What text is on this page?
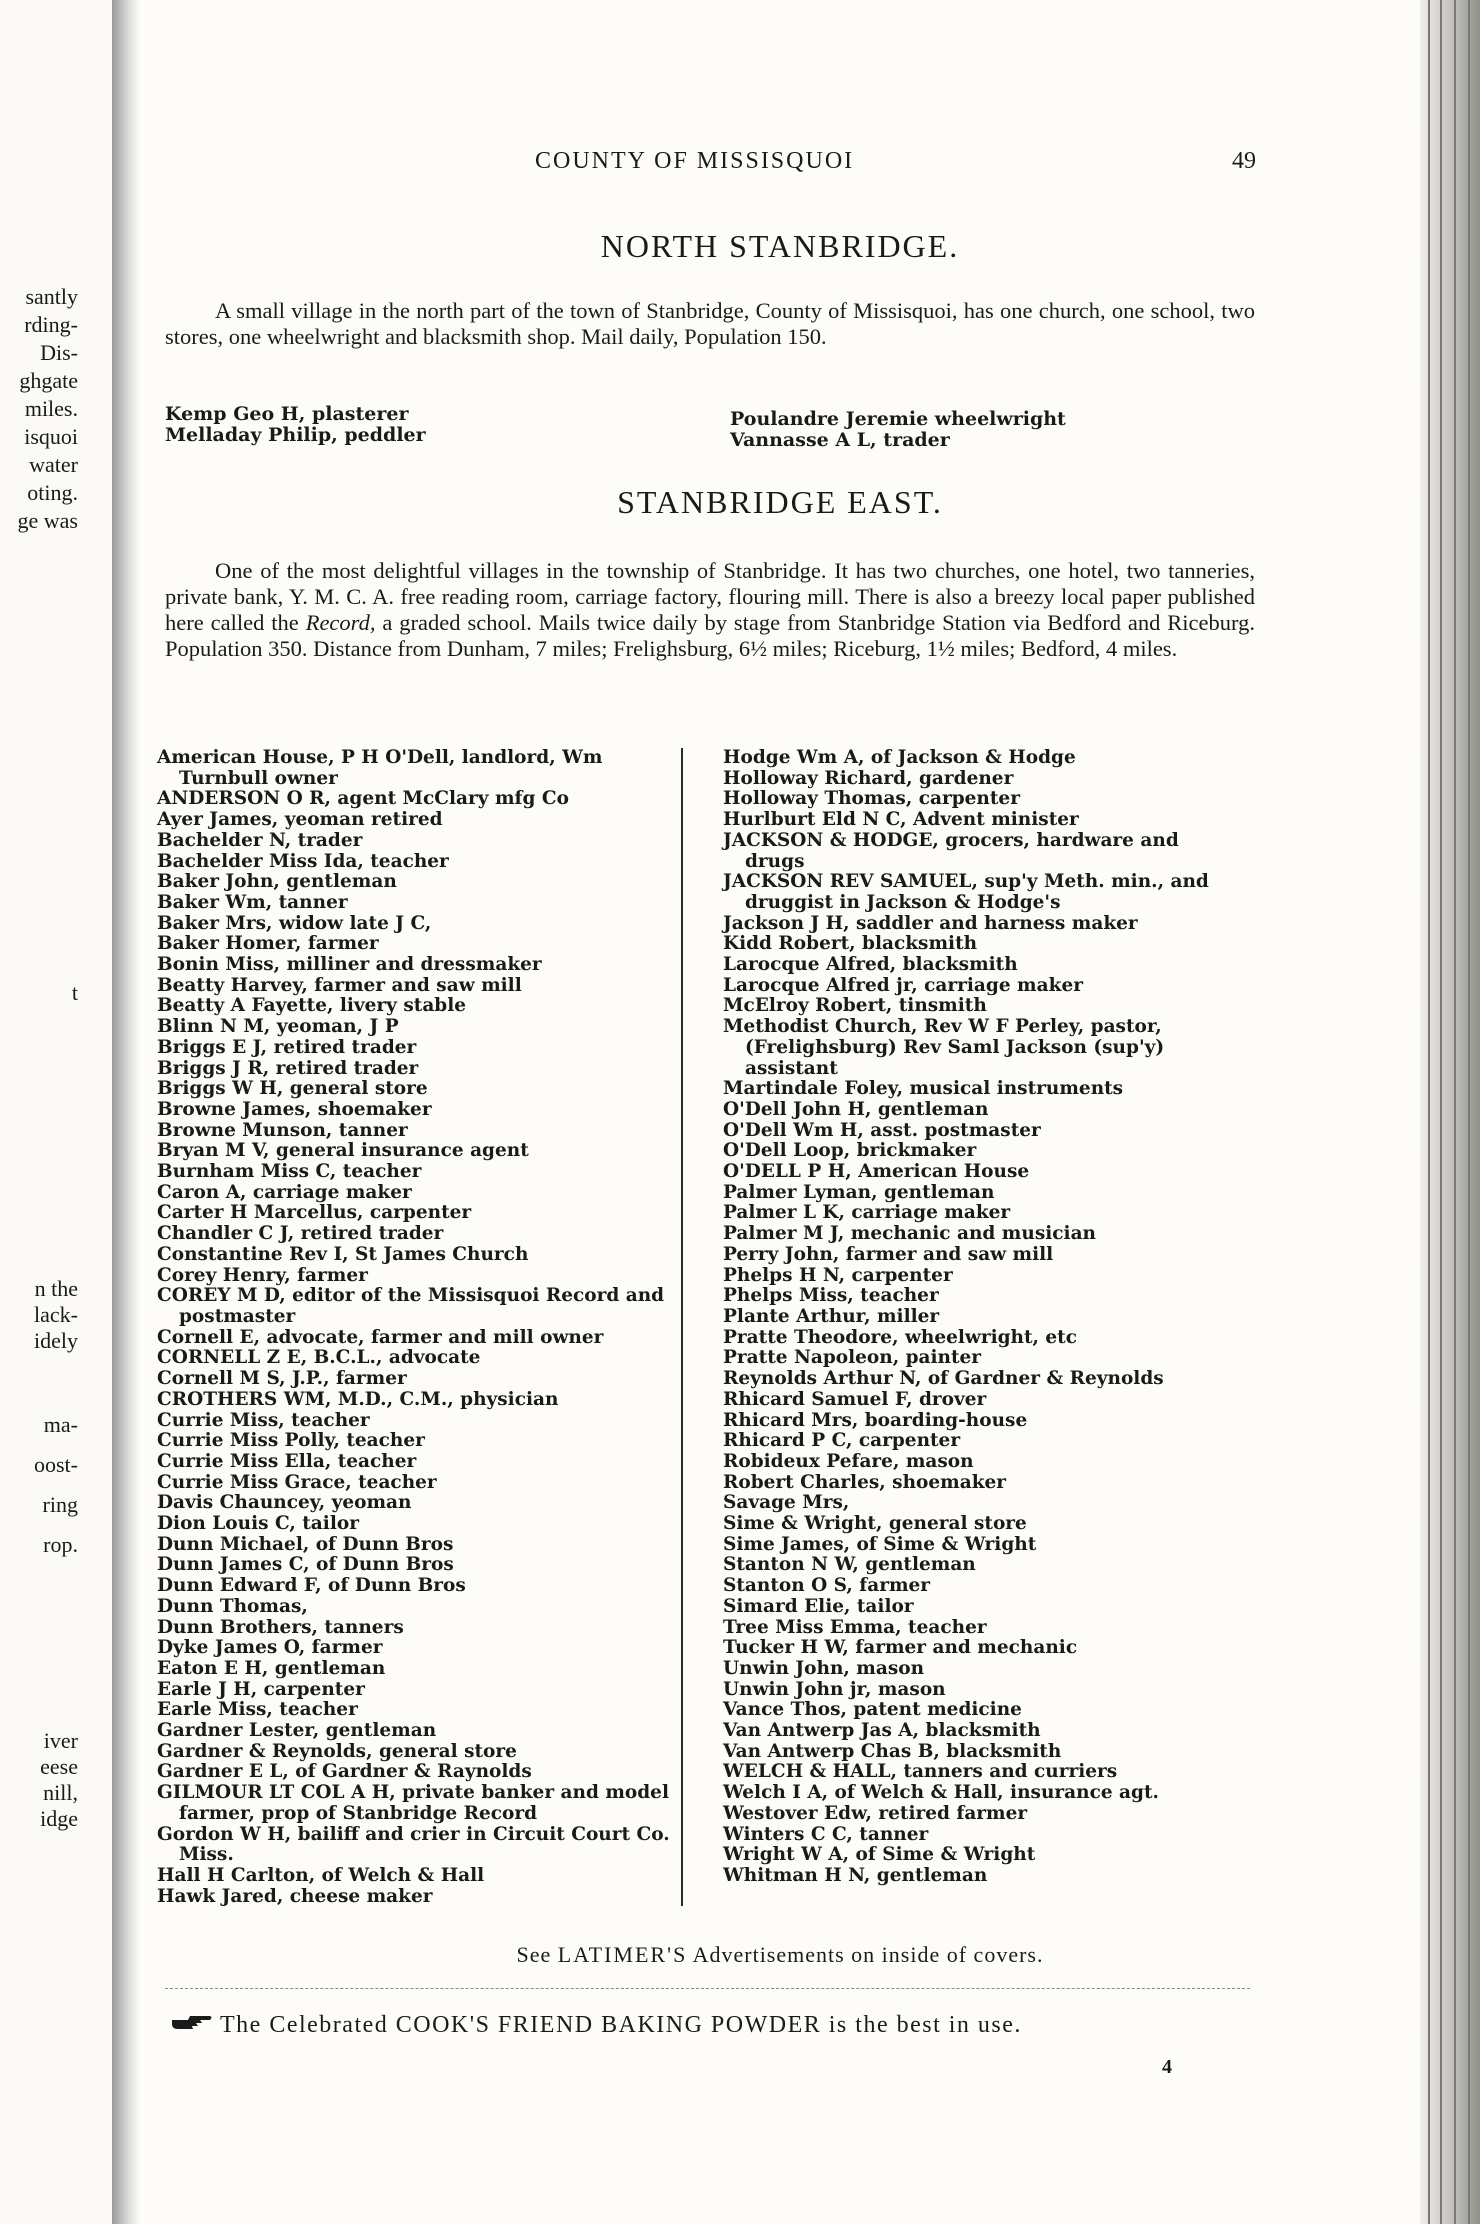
santly
rding-
Dis-
ghgate
miles.
isquoi
water
oting.
ge was
t
n the
lack-
idely
ma-
oost-
ring
rop.
iver
eese
nill,
idge
COUNTY OF MISSISQUOI	49
NORTH STANBRIDGE.

A small village in the north part of the town of Stanbridge, County of Missisquoi, has one church, one school, two stores, one wheelwright and blacksmith shop. Mail daily, Population 150.

Kemp Geo H, plasterer
Melladay Philip, peddler
Poulandre Jeremie wheelwright
Vannasse A L, trader
STANBRIDGE EAST.

One of the most delightful villages in the township of Stanbridge. It has two churches, one hotel, two tanneries, private bank, Y. M. C. A. free reading room, carriage factory, flouring mill. There is also a breezy local paper published here called the Record, a graded school. Mails twice daily by stage from Stanbridge Station via Bedford and Riceburg. Population 350. Distance from Dunham, 7 miles; Frelighsburg, 6½ miles; Riceburg, 1½ miles; Bedford, 4 miles.

American House, P H O'Dell, landlord, Wm Turnbull owner
ANDERSON O R, agent McClary mfg Co
Ayer James, yeoman retired
Bachelder N, trader
Bachelder Miss Ida, teacher
Baker John, gentleman
Baker Wm, tanner
Baker Mrs, widow late J C,
Baker Homer, farmer
Bonin Miss, milliner and dressmaker
Beatty Harvey, farmer and saw mill
Beatty A Fayette, livery stable
Blinn N M, yeoman, J P
Briggs E J, retired trader
Briggs J R, retired trader
Briggs W H, general store
Browne James, shoemaker
Browne Munson, tanner
Bryan M V, general insurance agent
Burnham Miss C, teacher
Caron A, carriage maker
Carter H Marcellus, carpenter
Chandler C J, retired trader
Constantine Rev I, St James Church
Corey Henry, farmer
COREY M D, editor of the Missisquoi Record and postmaster
Cornell E, advocate, farmer and mill owner
CORNELL Z E, B.C.L., advocate
Cornell M S, J.P., farmer
CROTHERS WM, M.D., C.M., physician
Currie Miss, teacher
Currie Miss Polly, teacher
Currie Miss Ella, teacher
Currie Miss Grace, teacher
Davis Chauncey, yeoman
Dion Louis C, tailor
Dunn Michael, of Dunn Bros
Dunn James C, of Dunn Bros
Dunn Edward F, of Dunn Bros
Dunn Thomas,
Dunn Brothers, tanners
Dyke James O, farmer
Eaton E H, gentleman
Earle J H, carpenter
Earle Miss, teacher
Gardner Lester, gentleman
Gardner & Reynolds, general store
Gardner E L, of Gardner & Raynolds
GILMOUR LT COL A H, private banker and model farmer, prop of Stanbridge Record
Gordon W H, bailiff and crier in Circuit Court Co. Miss.
Hall H Carlton, of Welch & Hall
Hawk Jared, cheese maker
Hodge Wm A, of Jackson & Hodge
Holloway Richard, gardener
Holloway Thomas, carpenter
Hurlburt Eld N C, Advent minister
JACKSON & HODGE, grocers, hardware and drugs
JACKSON REV SAMUEL, sup'y Meth. min., and druggist in Jackson & Hodge's
Jackson J H, saddler and harness maker
Kidd Robert, blacksmith
Larocque Alfred, blacksmith
Larocque Alfred jr, carriage maker
McElroy Robert, tinsmith
Methodist Church, Rev W F Perley, pastor, (Frelighsburg) Rev Saml Jackson (sup'y) assistant
Martindale Foley, musical instruments
O'Dell John H, gentleman
O'Dell Wm H, asst. postmaster
O'Dell Loop, brickmaker
O'DELL P H, American House
Palmer Lyman, gentleman
Palmer L K, carriage maker
Palmer M J, mechanic and musician
Perry John, farmer and saw mill
Phelps H N, carpenter
Phelps Miss, teacher
Plante Arthur, miller
Pratte Theodore, wheelwright, etc
Pratte Napoleon, painter
Reynolds Arthur N, of Gardner & Reynolds
Rhicard Samuel F, drover
Rhicard Mrs, boarding-house
Rhicard P C, carpenter
Robideux Pefare, mason
Robert Charles, shoemaker
Savage Mrs,
Sime & Wright, general store
Sime James, of Sime & Wright
Stanton N W, gentleman
Stanton O S, farmer
Simard Elie, tailor
Tree Miss Emma, teacher
Tucker H W, farmer and mechanic
Unwin John, mason
Unwin John jr, mason
Vance Thos, patent medicine
Van Antwerp Jas A, blacksmith
Van Antwerp Chas B, blacksmith
WELCH & HALL, tanners and curriers
Welch I A, of Welch & Hall, insurance agt.
Westover Edw, retired farmer
Winters C C, tanner
Wright W A, of Sime & Wright
Whitman H N, gentleman
See LATIMER'S Advertisements on inside of covers.
The Celebrated COOK'S FRIEND BAKING POWDER is the best in use.
4
